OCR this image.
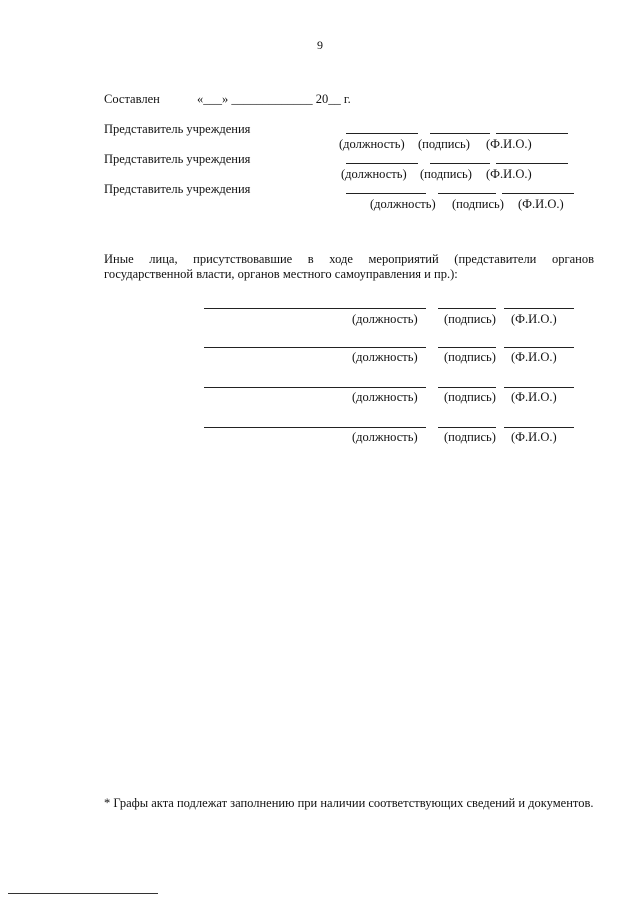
9
Составлен	«___» _____________ 20__ г.
Представитель учреждения
(должность) (подпись) (Ф.И.О.)
Представитель учреждения
(должность) (подпись) (Ф.И.О.)
Представитель учреждения
(должность) (подпись) (Ф.И.О.)
Иные лица, присутствовавшие в ходе мероприятий (представители органов государственной власти, органов местного самоуправления и пр.):
(должность) (подпись) (Ф.И.О.)
(должность) (подпись) (Ф.И.О.)
(должность) (подпись) (Ф.И.О.)
(должность) (подпись) (Ф.И.О.)
* Графы акта подлежат заполнению при наличии соответствующих сведений и документов.
